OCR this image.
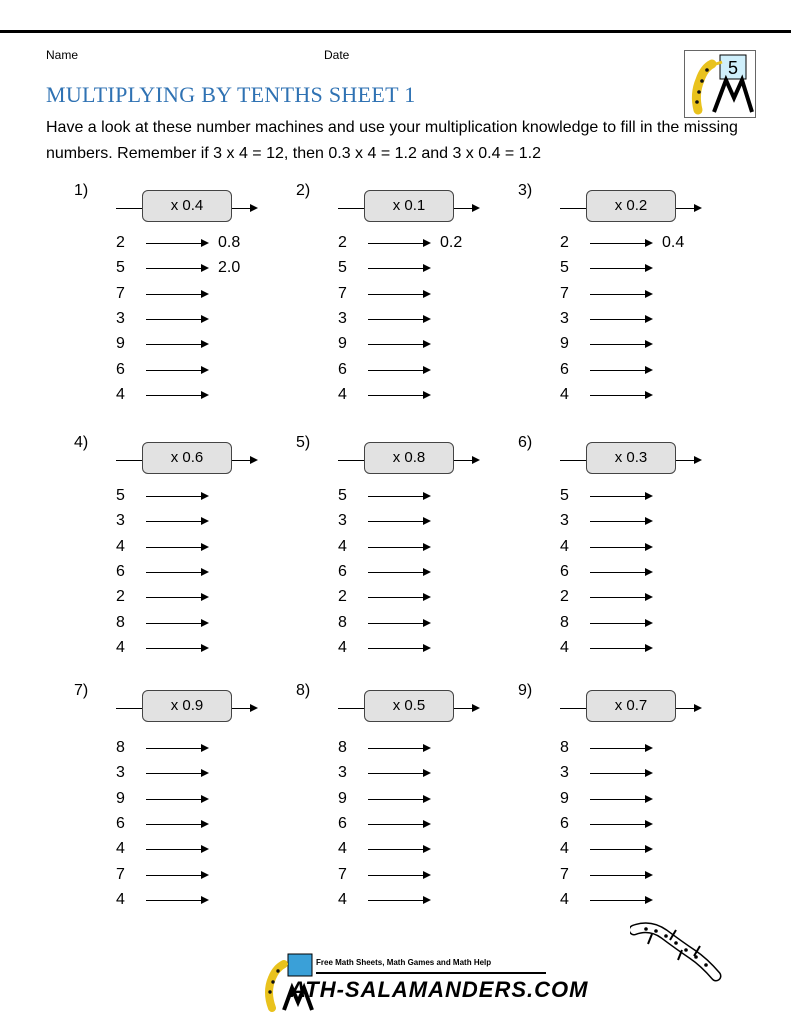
Name	Date
MULTIPLYING BY TENTHS SHEET 1
Have a look at these number machines and use your multiplication knowledge to fill in the missing numbers. Remember if 3 x 4 = 12, then 0.3 x 4 = 1.2 and 3 x 0.4 = 1.2
5
1)
x 0.4
2	0.8
5	2.0
7
3
9
6
4
2)
x 0.1
2	0.2
5
7
3
9
6
4
3)
x 0.2
2	0.4
5
7
3
9
6
4
4)
x 0.6
5
3
4
6
2
8
4
5)
x 0.8
5
3
4
6
2
8
4
6)
x 0.3
5
3
4
6
2
8
4
7)
x 0.9
8
3
9
6
4
7
4
8)
x 0.5
8
3
9
6
4
7
4
9)
x 0.7
8
3
9
6
4
7
4
Free Math Sheets, Math Games and Math Help
ATH-SALAMANDERS.COM
